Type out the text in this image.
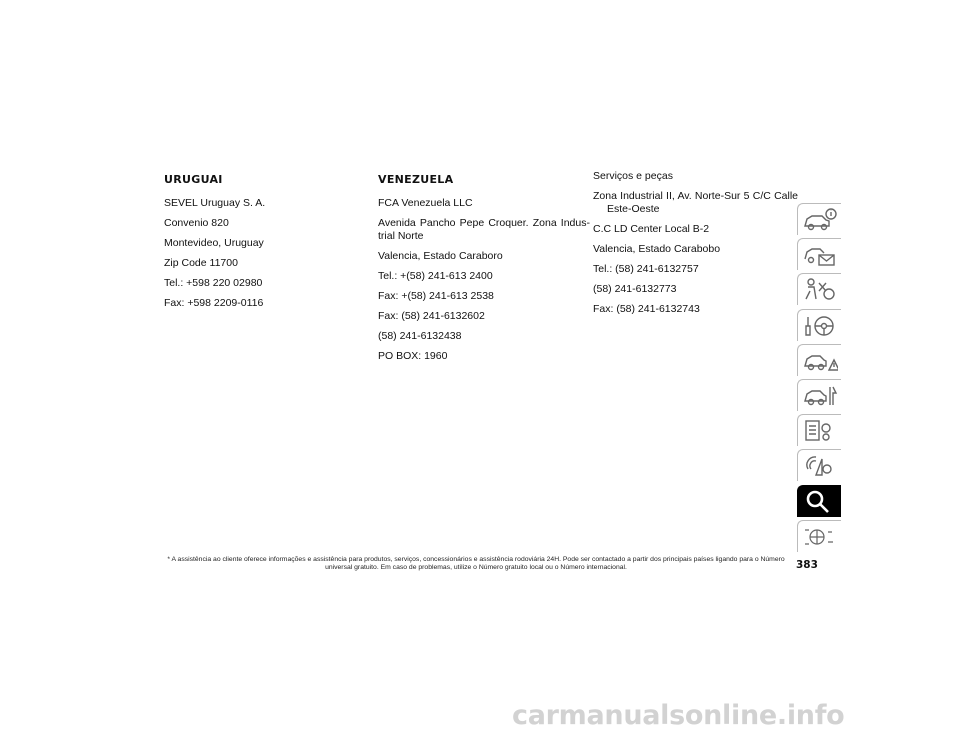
URUGUAI

SEVEL Uruguay S. A.

Convenio 820

Montevideo, Uruguay

Zip Code 11700

Tel.: +598 220 02980

Fax: +598 2209-0116

VENEZUELA

FCA Venezuela LLC

Avenida Pancho Pepe Croquer. Zona Indus-trial Norte

Valencia, Estado Caraboro

Tel.: +(58) 241-613 2400

Fax: +(58) 241-613 2538

Fax: (58) 241-6132602

(58) 241-6132438

PO BOX: 1960

Serviços e peças

Zona Industrial II, Av. Norte-Sur 5 C/C Calle Este-Oeste

C.C LD Center Local B-2

Valencia, Estado Carabobo

Tel.: (58) 241-6132757

(58) 241-6132773

Fax: (58) 241-6132743

* A assistência ao cliente oferece informações e assistência para produtos, serviços, concessionários e assistência rodoviária 24H. Pode ser contactado a partir dos principais países ligando para o Número universal gratuito. Em caso de problemas, utilize o Número gratuito local ou o Número internacional.	383
carmanualsonline.info
